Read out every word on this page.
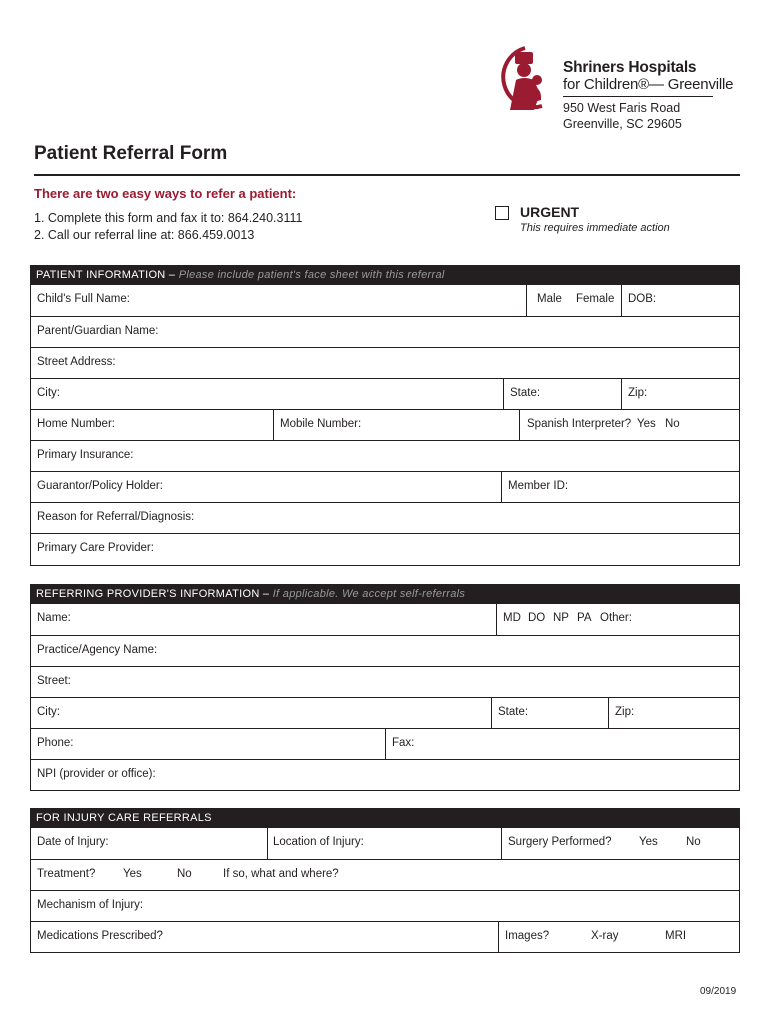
Shriners Hospitals
for Children®— Greenville
950 West Faris Road
Greenville, SC 29605
Patient Referral Form
There are two easy ways to refer a patient:
1. Complete this form and fax it to: 864.240.3111
2. Call our referral line at: 866.459.0013
URGENT
This requires immediate action
PATIENT INFORMATION – Please include patient's face sheet with this referral
Child's Full Name:	Male Female DOB:
Parent/Guardian Name:
Street Address:
City:	State:	Zip:
Home Number:	Mobile Number:	Spanish Interpreter? Yes No
Primary Insurance:
Guarantor/Policy Holder:	Member ID:
Reason for Referral/Diagnosis:
Primary Care Provider:
REFERRING PROVIDER'S INFORMATION – If applicable. We accept self-referrals
Name:	MD DO NP PA Other:
Practice/Agency Name:
Street:
City:	State:	Zip:
Phone:	Fax:
NPI (provider or office):
FOR INJURY CARE REFERRALS
Date of Injury:	Location of Injury:	Surgery Performed? Yes No
Treatment? Yes	No	If so, what and where?
Mechanism of Injury:
Medications Prescribed?	Images?	X-ray	MRI
09/2019
